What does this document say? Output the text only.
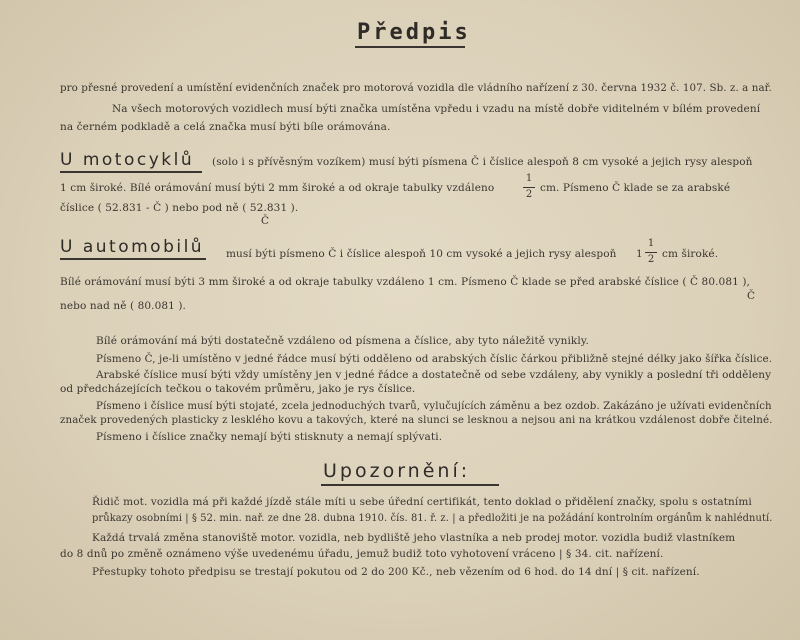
Předpis
pro přesné provedení a umístění evidenčních značek pro motorová vozidla dle vládního nařízení z 30. června 1932 č. 107. Sb. z. a nař.
Na všech motorových vozidlech musí býti značka umístěna vpředu i vzadu na místě dobře viditelném v bílém provedení
na černém podkladě a celá značka musí býti bíle orámována.
U motocyklů (solo i s přívěsným vozíkem) musí býti písmena Č i číslice alespoň 8 cm vysoké a jejich rysy alespoň
1 cm široké. Bílé orámování musí býti 2 mm široké a od okraje tabulky vzdáleno
1
2
cm. Písmeno Č klade se za arabské
číslice ( 52.831 - Č ) nebo pod ně ( 52.831 ).
Č
U automobilů musí býti písmeno Č i číslice alespoň 10 cm vysoké a jejich rysy alespoň 1
1
2 cm široké.
Bílé orámování musí býti 3 mm široké a od okraje tabulky vzdáleno 1 cm. Písmeno Č klade se před arabské číslice ( Č 80.081 ),
Č
nebo nad ně ( 80.081 ).
Bílé orámování má býti dostatečně vzdáleno od písmena a číslice, aby tyto náležitě vynikly.
Písmeno Č, je-li umístěno v jedné řádce musí býti odděleno od arabských číslic čárkou přibližně stejné délky jako šířka číslice.
Arabské číslice musí býti vždy umístěny jen v jedné řádce a dostatečně od sebe vzdáleny, aby vynikly a poslední tři odděleny
od předcházejících tečkou o takovém průměru, jako je rys číslice.
Písmeno i číslice musí býti stojaté, zcela jednoduchých tvarů, vylučujících záměnu a bez ozdob. Zakázáno je užívati evidenčních
značek provedených plasticky z lesklého kovu a takových, které na slunci se lesknou a nejsou ani na krátkou vzdálenost dobře čitelné.
Písmeno i číslice značky nemají býti stisknuty a nemají splývati.
Upozornění:
Řidič mot. vozidla má při každé jízdě stále míti u sebe úřední certifikát, tento doklad o přidělení značky, spolu s ostatními
průkazy osobními | § 52. min. nař. ze dne 28. dubna 1910. čís. 81. ř. z. | a předložiti je na požádání kontrolním orgánům k nahlédnutí.
Každá trvalá změna stanoviště motor. vozidla, neb bydliště jeho vlastníka a neb prodej motor. vozidla budiž vlastníkem
do 8 dnů po změně oznámeno výše uvedenému úřadu, jemuž budiž toto vyhotovení vráceno | § 34. cit. nařízení.
Přestupky tohoto předpisu se trestají pokutou od 2 do 200 Kč., neb vězením od 6 hod. do 14 dní | § cit. nařízení.
